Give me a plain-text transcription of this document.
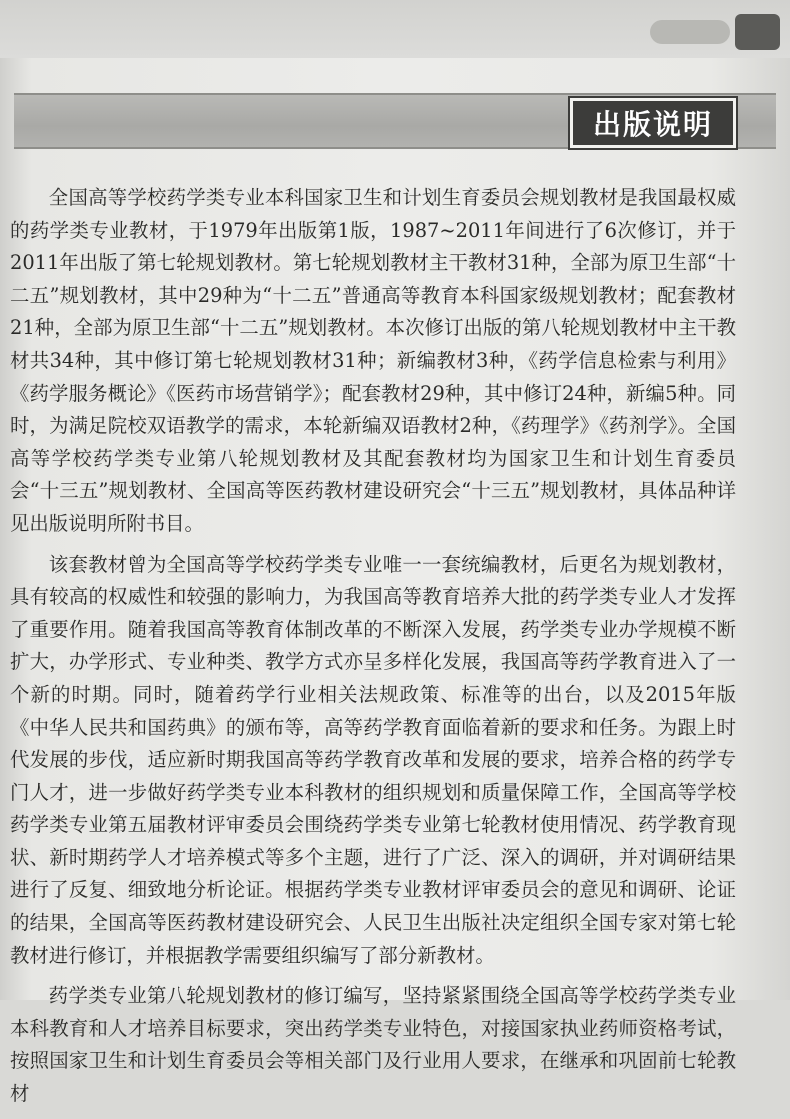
出版说明

全国高等学校药学类专业本科国家卫生和计划生育委员会规划教材是我国最权威的药学类专业教材，于1979年出版第1版，1987~2011年间进行了6次修订，并于2011年出版了第七轮规划教材。第七轮规划教材主干教材31种，全部为原卫生部“十二五”规划教材，其中29种为“十二五”普通高等教育本科国家级规划教材；配套教材21种，全部为原卫生部“十二五”规划教材。本次修订出版的第八轮规划教材中主干教材共34种，其中修订第七轮规划教材31种；新编教材3种，《药学信息检索与利用》《药学服务概论》《医药市场营销学》；配套教材29种，其中修订24种，新编5种。同时，为满足院校双语教学的需求，本轮新编双语教材2种，《药理学》《药剂学》。全国高等学校药学类专业第八轮规划教材及其配套教材均为国家卫生和计划生育委员会“十三五”规划教材、全国高等医药教材建设研究会“十三五”规划教材，具体品种详见出版说明所附书目。

该套教材曾为全国高等学校药学类专业唯一一套统编教材，后更名为规划教材，具有较高的权威性和较强的影响力，为我国高等教育培养大批的药学类专业人才发挥了重要作用。随着我国高等教育体制改革的不断深入发展，药学类专业办学规模不断扩大，办学形式、专业种类、教学方式亦呈多样化发展，我国高等药学教育进入了一个新的时期。同时，随着药学行业相关法规政策、标准等的出台，以及2015年版《中华人民共和国药典》的颁布等，高等药学教育面临着新的要求和任务。为跟上时代发展的步伐，适应新时期我国高等药学教育改革和发展的要求，培养合格的药学专门人才，进一步做好药学类专业本科教材的组织规划和质量保障工作，全国高等学校药学类专业第五届教材评审委员会围绕药学类专业第七轮教材使用情况、药学教育现状、新时期药学人才培养模式等多个主题，进行了广泛、深入的调研，并对调研结果进行了反复、细致地分析论证。根据药学类专业教材评审委员会的意见和调研、论证的结果，全国高等医药教材建设研究会、人民卫生出版社决定组织全国专家对第七轮教材进行修订，并根据教学需要组织编写了部分新教材。

药学类专业第八轮规划教材的修订编写，坚持紧紧围绕全国高等学校药学类专业本科教育和人才培养目标要求，突出药学类专业特色，对接国家执业药师资格考试，按照国家卫生和计划生育委员会等相关部门及行业用人要求，在继承和巩固前七轮教材
